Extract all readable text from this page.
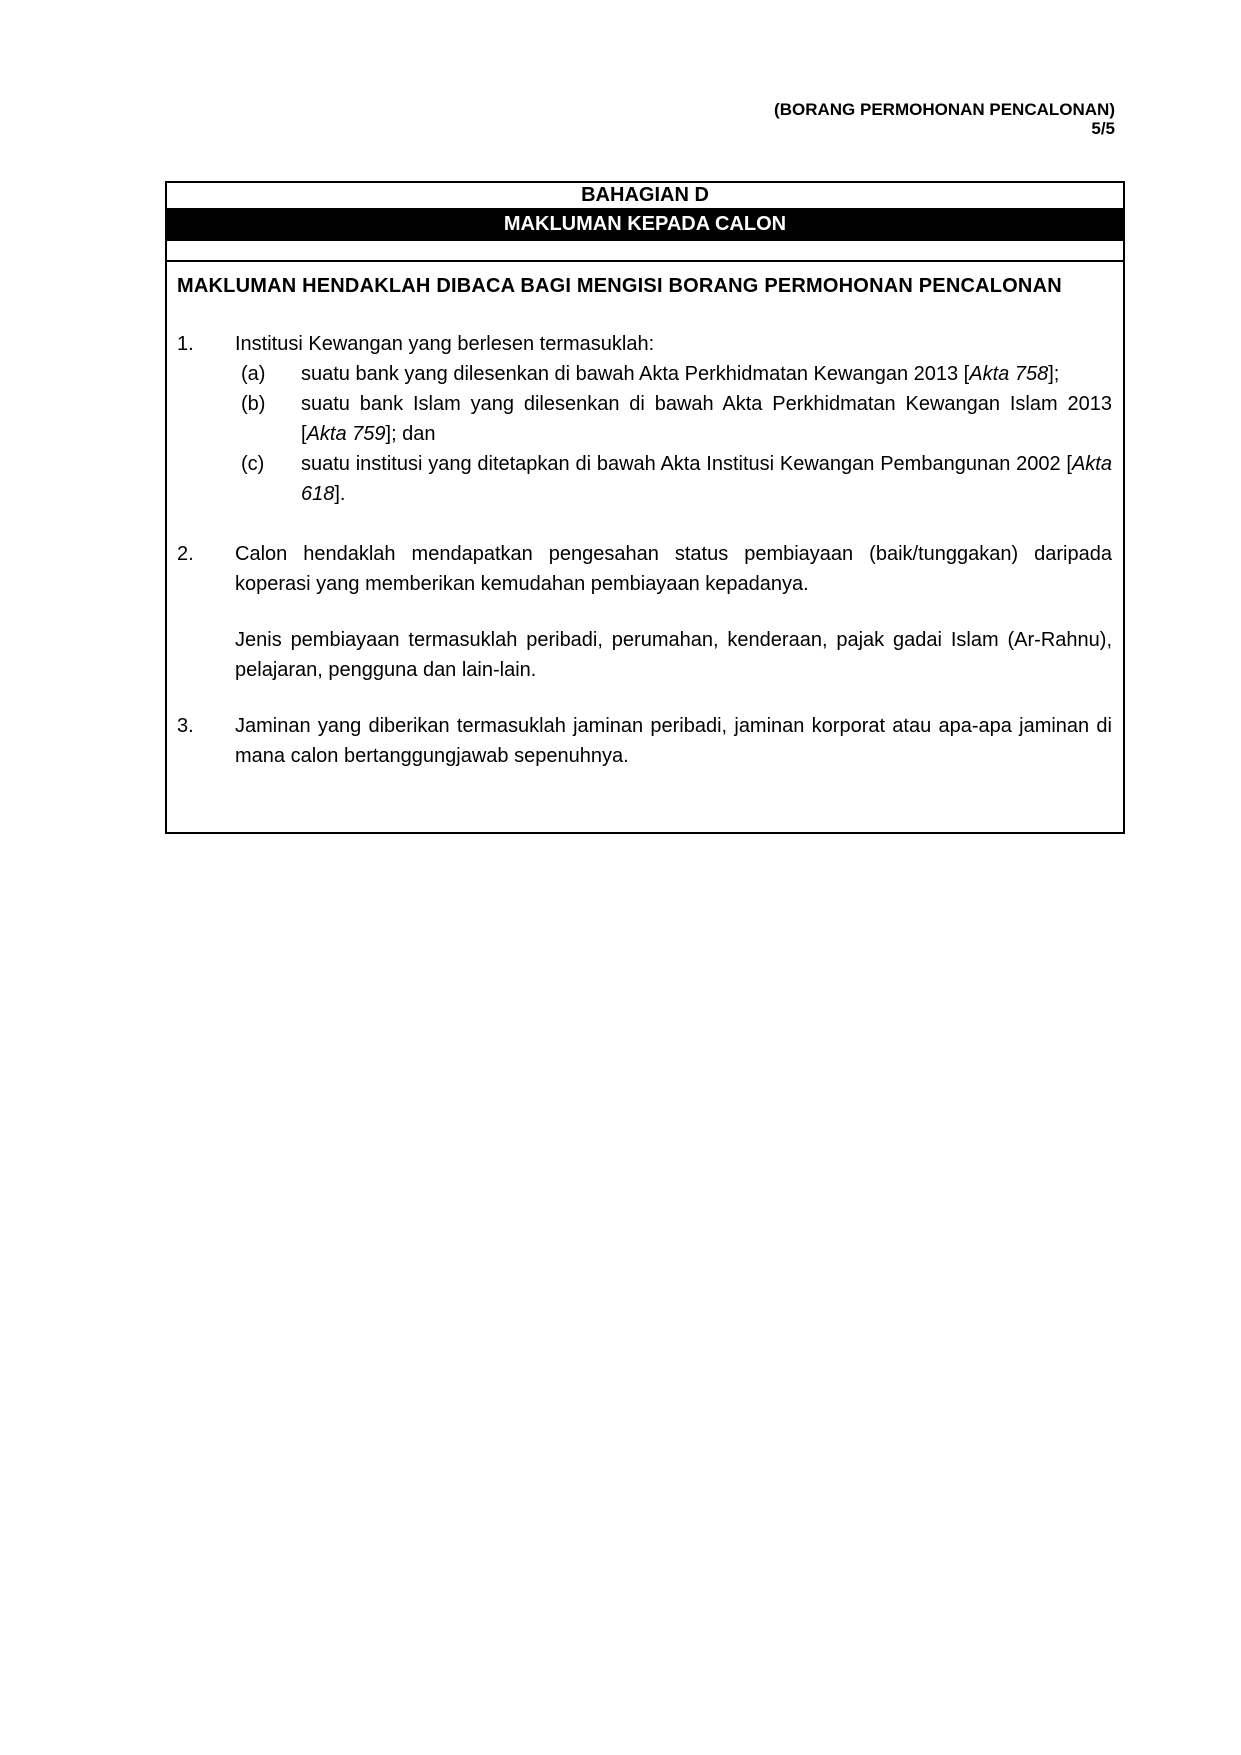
(BORANG PERMOHONAN PENCALONAN)
5/5
BAHAGIAN D
MAKLUMAN KEPADA CALON
MAKLUMAN HENDAKLAH DIBACA BAGI MENGISI BORANG PERMOHONAN PENCALONAN
1.	Institusi Kewangan yang berlesen termasuklah:
(a)	suatu bank yang dilesenkan di bawah Akta Perkhidmatan Kewangan 2013 [Akta 758];
(b)	suatu bank Islam yang dilesenkan di bawah Akta Perkhidmatan Kewangan Islam 2013 [Akta 759]; dan
(c)	suatu institusi yang ditetapkan di bawah Akta Institusi Kewangan Pembangunan 2002 [Akta 618].
2.	Calon hendaklah mendapatkan pengesahan status pembiayaan (baik/tunggakan) daripada koperasi yang memberikan kemudahan pembiayaan kepadanya.
Jenis pembiayaan termasuklah peribadi, perumahan, kenderaan, pajak gadai Islam (Ar-Rahnu), pelajaran, pengguna dan lain-lain.
3.	Jaminan yang diberikan termasuklah jaminan peribadi, jaminan korporat atau apa-apa jaminan di mana calon bertanggungjawab sepenuhnya.
